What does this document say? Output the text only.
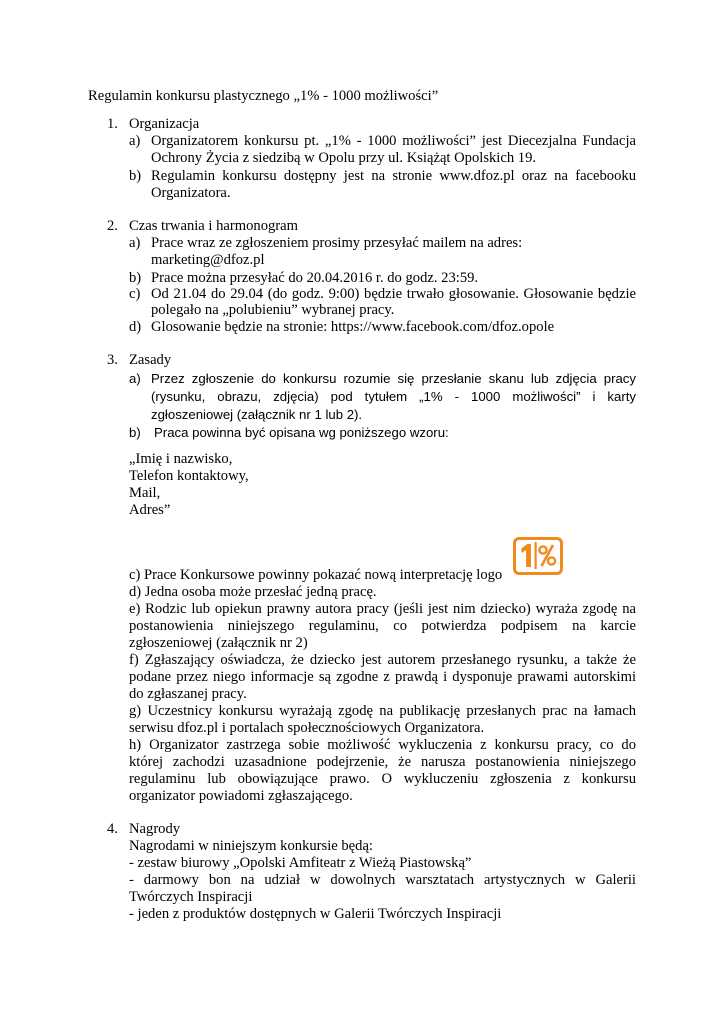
Regulamin konkursu plastycznego „1% - 1000 możliwości”
1. Organizacja
a) Organizatorem konkursu pt. „1% - 1000 możliwości” jest Diecezjalna Fundacja
Ochrony Życia z siedzibą w Opolu przy ul. Książąt Opolskich 19.
b) Regulamin konkursu dostępny jest na stronie www.dfoz.pl oraz na facebooku
Organizatora.
2. Czas trwania i harmonogram
a) Prace wraz ze zgłoszeniem prosimy przesyłać mailem na adres:
marketing@dfoz.pl
b) Prace można przesyłać do 20.04.2016 r. do godz. 23:59.
c) Od 21.04 do 29.04 (do godz. 9:00) będzie trwało głosowanie. Głosowanie będzie
polegało na „polubieniu” wybranej pracy.
d) Glosowanie będzie na stronie: https://www.facebook.com/dfoz.opole
3. Zasady
a) Przez zgłoszenie do konkursu rozumie się przesłanie skanu lub zdjęcia pracy
(rysunku, obrazu, zdjęcia) pod tytułem „1% - 1000 możliwości” i karty
zgłoszeniowej (załącznik nr 1 lub 2).
b) Praca powinna być opisana wg poniższego wzoru:
„Imię i nazwisko,
Telefon kontaktowy,
Mail,
Adres”
c) Prace Konkursowe powinny pokazać nową interpretację logo
d) Jedna osoba może przesłać jedną pracę.
e) Rodzic lub opiekun prawny autora pracy (jeśli jest nim dziecko) wyraża zgodę na
postanowienia niniejszego regulaminu, co potwierdza podpisem na karcie
zgłoszeniowej (załącznik nr 2)
f) Zgłaszający oświadcza, że dziecko jest autorem przesłanego rysunku, a także że
podane przez niego informacje są zgodne z prawdą i dysponuje prawami autorskimi
do zgłaszanej pracy.
g) Uczestnicy konkursu wyrażają zgodę na publikację przesłanych prac na łamach
serwisu dfoz.pl i portalach społecznościowych Organizatora.
h) Organizator zastrzega sobie możliwość wykluczenia z konkursu pracy, co do
której zachodzi uzasadnione podejrzenie, że narusza postanowienia niniejszego
regulaminu lub obowiązujące prawo. O wykluczeniu zgłoszenia z konkursu
organizator powiadomi zgłaszającego.
4. Nagrody
Nagrodami w niniejszym konkursie będą:
- zestaw biurowy „Opolski Amfiteatr z Wieżą Piastowską”
- darmowy bon na udział w dowolnych warsztatach artystycznych w Galerii
Twórczych Inspiracji
- jeden z produktów dostępnych w Galerii Twórczych Inspiracji
